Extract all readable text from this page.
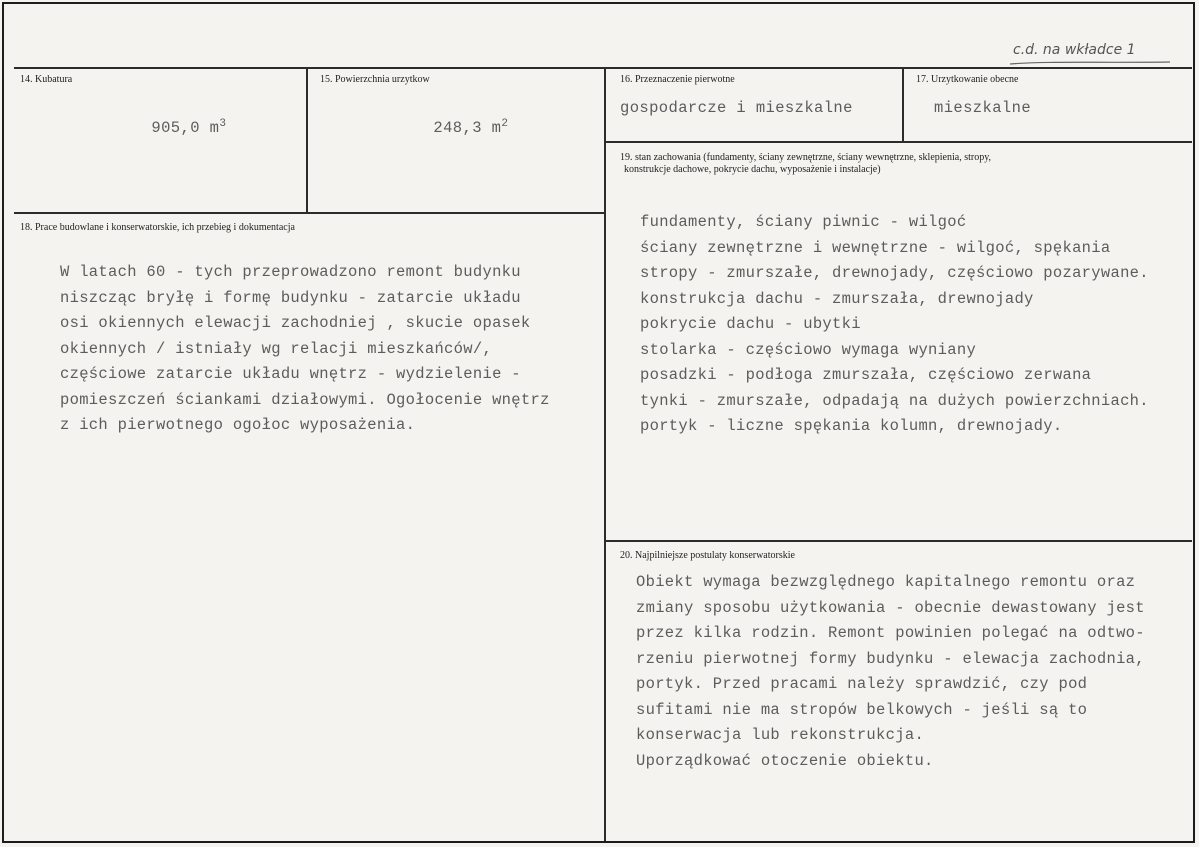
c.d. na wkładce 1
14. Kubatura

905,0 $m^3$

15. Powierzchnia urzytkow

248,3 $m^2$

16. Przeznaczenie pierwotne
gospodarcze i mieszkalne
17. Urzytkowanie obecne
mieszkalne
18. Prace budowlane i konserwatorskie, ich przebieg i dokumentacja
W latach 60 - tych przeprowadzono remont budynku
niszcząc bryłę i formę budynku - zatarcie układu
osi okiennych elewacji zachodniej , skucie opasek
okiennych / istniały wg relacji mieszkańców/,
częściowe zatarcie układu wnętrz - wydzielenie -
pomieszczeń ściankami działowymi. Ogołocenie wnętrz
z ich pierwotnego ogołoc wyposażenia.
19. stan zachowania (fundamenty, ściany zewnętrzne, ściany wewnętrzne, sklepienia, stropy,
konstrukcje dachowe, pokrycie dachu, wyposażenie i instalacje)
fundamenty, ściany piwnic - wilgoć
ściany zewnętrzne i wewnętrzne - wilgoć, spękania
stropy - zmurszałe, drewnojady, częściowo pozarywane.
konstrukcja dachu - zmurszała, drewnojady
pokrycie dachu - ubytki
stolarka - częściowo wymaga wyniany
posadzki - podłoga zmurszała, częściowo zerwana
tynki - zmurszałe, odpadają na dużych powierzchniach.
portyk - liczne spękania kolumn, drewnojady.
20. Najpilniejsze postulaty konserwatorskie
Obiekt wymaga bezwzględnego kapitalnego remontu oraz
zmiany sposobu użytkowania - obecnie dewastowany jest
przez kilka rodzin. Remont powinien polegać na odtwo-
rzeniu pierwotnej formy budynku - elewacja zachodnia,
portyk. Przed pracami należy sprawdzić, czy pod
sufitami nie ma stropów belkowych - jeśli są to
konserwacja lub rekonstrukcja.
Uporządkować otoczenie obiektu.
